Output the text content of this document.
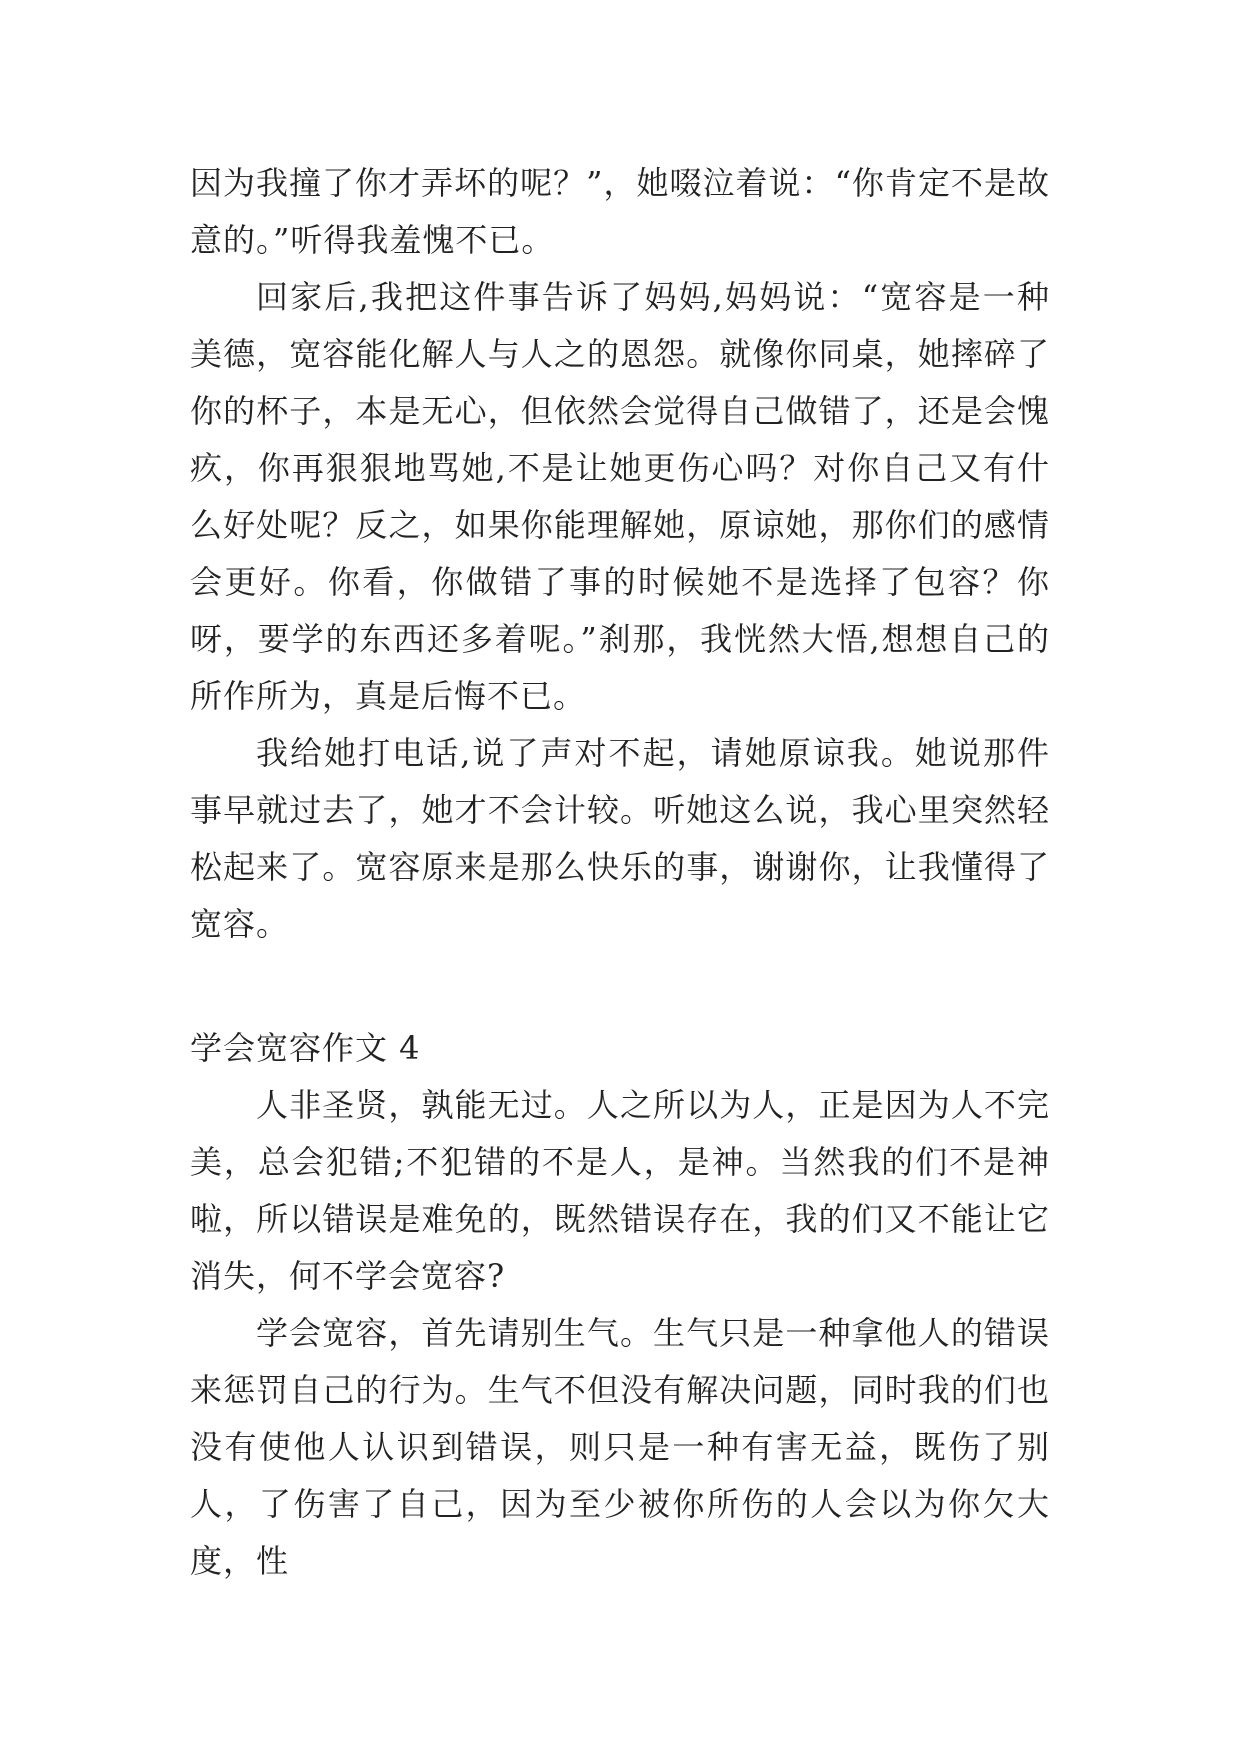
因为我撞了你才弄坏的呢？”，她啜泣着说：“你肯定不是故意的。”听得我羞愧不已。

回家后,我把这件事告诉了妈妈,妈妈说：“宽容是一种美德，宽容能化解人与人之的恩怨。就像你同桌，她摔碎了你的杯子，本是无心，但依然会觉得自己做错了，还是会愧疚，你再狠狠地骂她,不是让她更伤心吗？对你自己又有什么好处呢？反之，如果你能理解她，原谅她，那你们的感情会更好。你看，你做错了事的时候她不是选择了包容？你呀，要学的东西还多着呢。”刹那，我恍然大悟,想想自己的所作所为，真是后悔不已。

我给她打电话,说了声对不起，请她原谅我。她说那件事早就过去了，她才不会计较。听她这么说，我心里突然轻松起来了。宽容原来是那么快乐的事，谢谢你，让我懂得了宽容。

学会宽容作文 4

人非圣贤，孰能无过。人之所以为人，正是因为人不完美，总会犯错;不犯错的不是人，是神。当然我的们不是神啦，所以错误是难免的，既然错误存在，我的们又不能让它消失，何不学会宽容?

学会宽容，首先请别生气。生气只是一种拿他人的错误来惩罚自己的行为。生气不但没有解决问题，同时我的们也没有使他人认识到错误，则只是一种有害无益，既伤了别人，了伤害了自己，因为至少被你所伤的人会以为你欠大度，性
